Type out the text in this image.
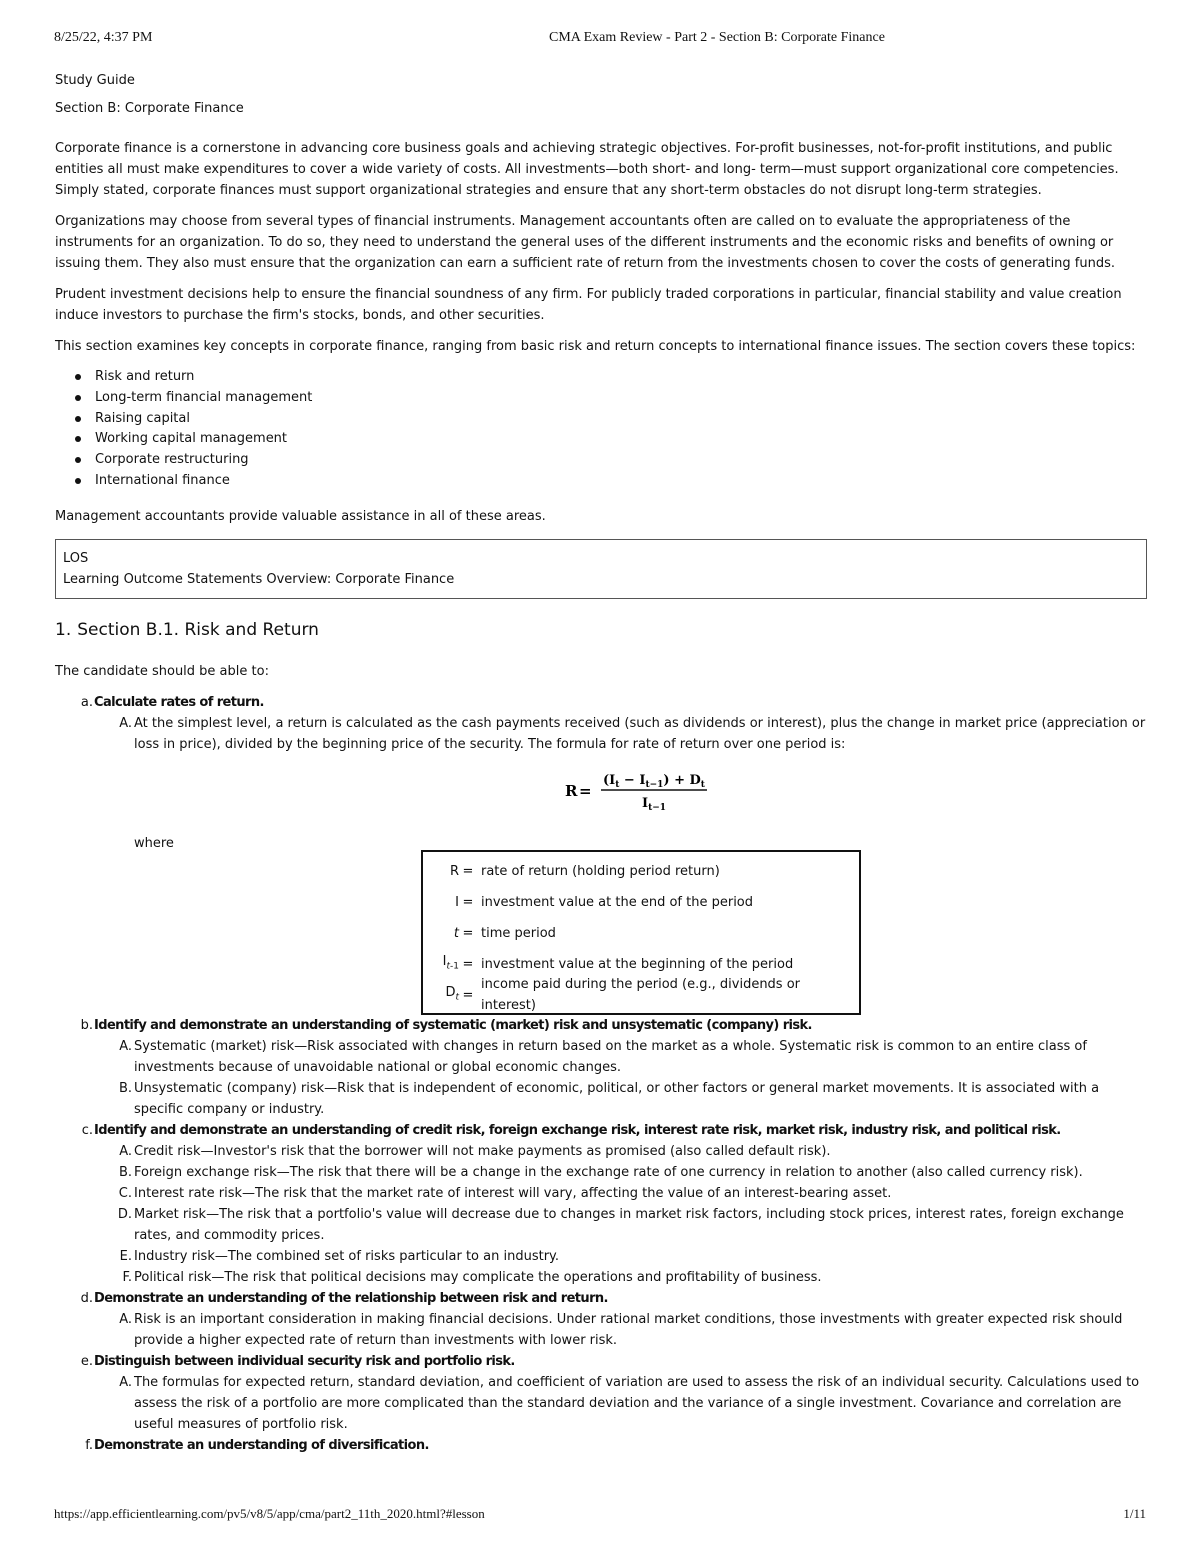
8/25/22, 4:37 PM	CMA Exam Review - Part 2 - Section B: Corporate Finance

Study Guide

Section B: Corporate Finance

Corporate finance is a cornerstone in advancing core business goals and achieving strategic objectives. For-profit businesses, not-for-profit institutions, and public entities all must make expenditures to cover a wide variety of costs. All investments—both short- and long- term—must support organizational core competencies. Simply stated, corporate finances must support organizational strategies and ensure that any short-term obstacles do not disrupt long-term strategies.

Organizations may choose from several types of financial instruments. Management accountants often are called on to evaluate the appropriateness of the instruments for an organization. To do so, they need to understand the general uses of the different instruments and the economic risks and benefits of owning or issuing them. They also must ensure that the organization can earn a sufficient rate of return from the investments chosen to cover the costs of generating funds.

Prudent investment decisions help to ensure the financial soundness of any firm. For publicly traded corporations in particular, financial stability and value creation induce investors to purchase the firm's stocks, bonds, and other securities.

This section examines key concepts in corporate finance, ranging from basic risk and return concepts to international finance issues. The section covers these topics:

Risk and return
Long-term financial management
Raising capital
Working capital management
Corporate restructuring
International finance

Management accountants provide valuable assistance in all of these areas.

LOS
Learning Outcome Statements Overview: Corporate Finance
1. Section B.1. Risk and Return

The candidate should be able to:

a. Calculate rates of return.
A. At the simplest level, a return is calculated as the cash payments received (such as dividends or interest), plus the change in market price (appreciation or loss in price), divided by the beginning price of the security. The formula for rate of return over one period is:
R =
$(I_t - I_{t-1}) + D_t$
$I_{t-1}$
where
R = rate of return (holding period return)
I = investment value at the end of the period
t = time period
$I_{t-1}$ = investment value at the beginning of the period
$D_t$ =
income paid during the period (e.g., dividends or interest)
b. Identify and demonstrate an understanding of systematic (market) risk and unsystematic (company) risk.
A. Systematic (market) risk—Risk associated with changes in return based on the market as a whole. Systematic risk is common to an entire class of investments because of unavoidable national or global economic changes.
B. Unsystematic (company) risk—Risk that is independent of economic, political, or other factors or general market movements. It is associated with a specific company or industry.
c. Identify and demonstrate an understanding of credit risk, foreign exchange risk, interest rate risk, market risk, industry risk, and political risk.
A. Credit risk—Investor's risk that the borrower will not make payments as promised (also called default risk).
B. Foreign exchange risk—The risk that there will be a change in the exchange rate of one currency in relation to another (also called currency risk).
C. Interest rate risk—The risk that the market rate of interest will vary, affecting the value of an interest-bearing asset.
D. Market risk—The risk that a portfolio's value will decrease due to changes in market risk factors, including stock prices, interest rates, foreign exchange rates, and commodity prices.
E. Industry risk—The combined set of risks particular to an industry.
F. Political risk—The risk that political decisions may complicate the operations and profitability of business.
d. Demonstrate an understanding of the relationship between risk and return.
A. Risk is an important consideration in making financial decisions. Under rational market conditions, those investments with greater expected risk should provide a higher expected rate of return than investments with lower risk.
e. Distinguish between individual security risk and portfolio risk.
A. The formulas for expected return, standard deviation, and coefficient of variation are used to assess the risk of an individual security. Calculations used to assess the risk of a portfolio are more complicated than the standard deviation and the variance of a single investment. Covariance and correlation are useful measures of portfolio risk.
f. Demonstrate an understanding of diversification.
https://app.efficientlearning.com/pv5/v8/5/app/cma/part2_11th_2020.html?#lesson	1/11
